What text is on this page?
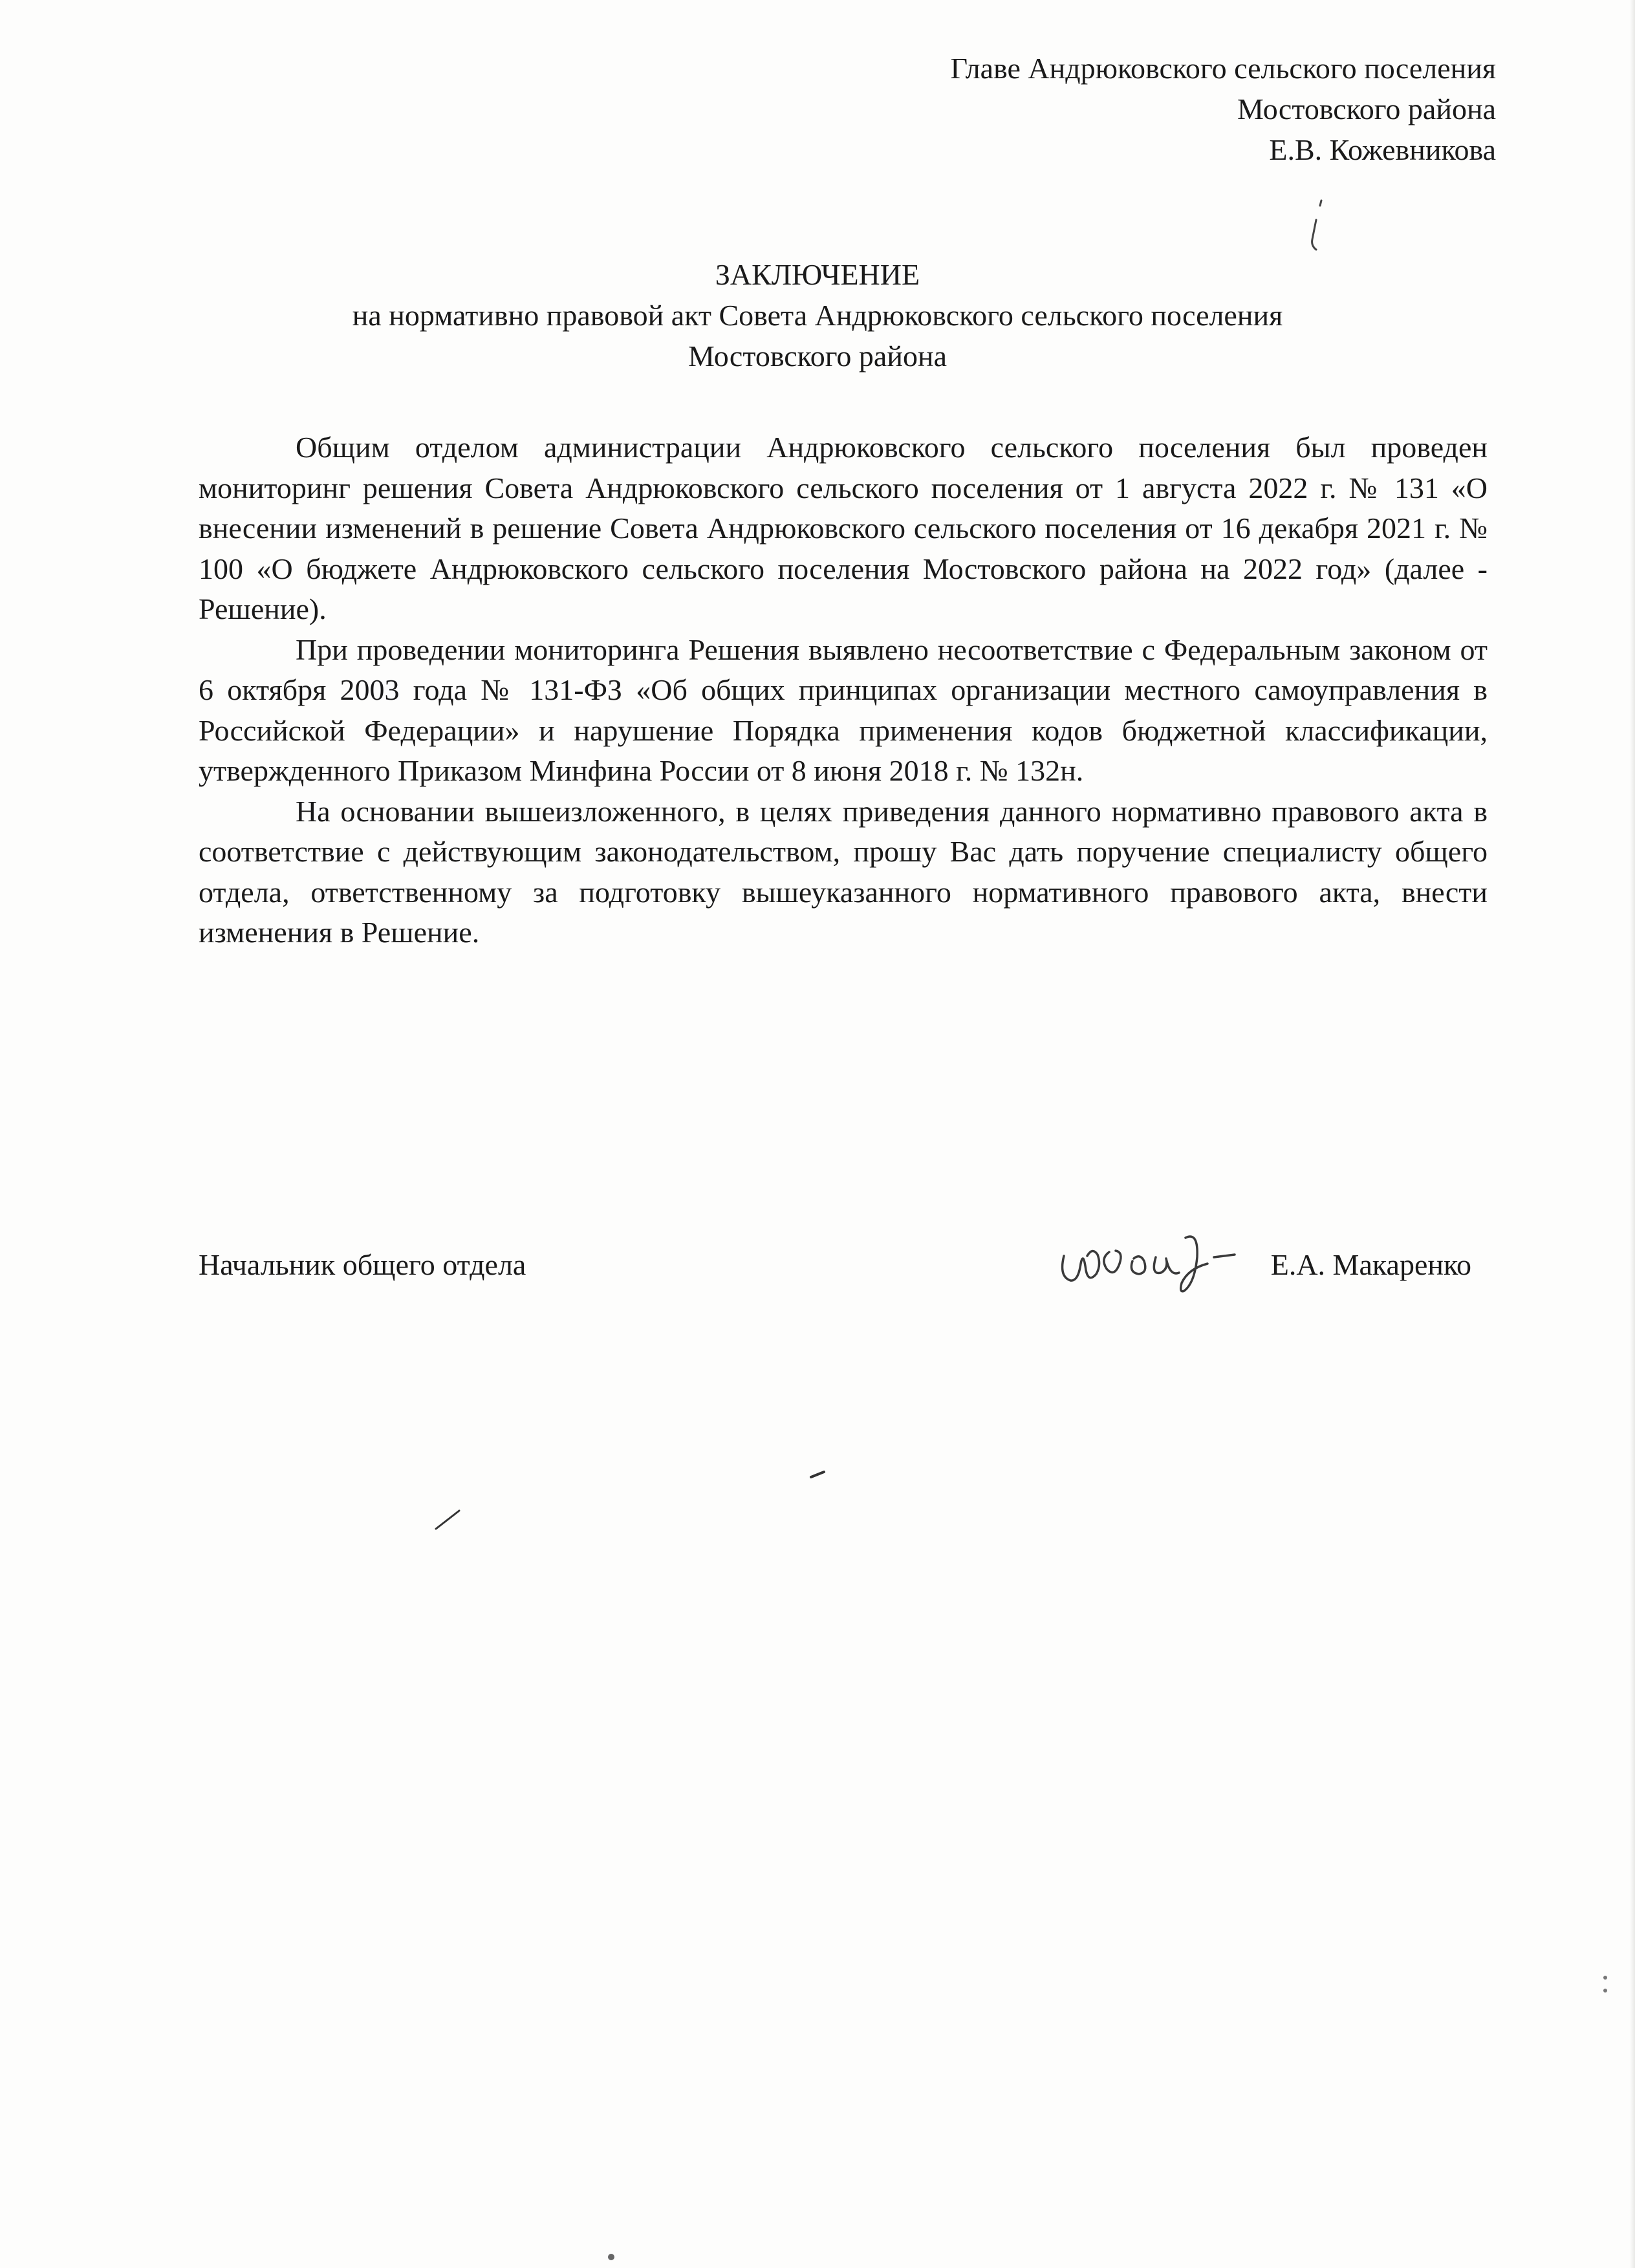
Главе Андрюковского сельского поселения
Мостовского района
Е.В. Кожевникова
ЗАКЛЮЧЕНИЕ
на нормативно правовой акт Совета Андрюковского сельского поселения
Мостовского района

Общим отделом администрации Андрюковского сельского поселения был проведен мониторинг решения Совета Андрюковского сельского поселения от 1 августа 2022 г. № 131 «О внесении изменений в решение Совета Андрюковского сельского поселения от 16 декабря 2021 г. № 100 «О бюджете Андрюковского сельского поселения Мостовского района на 2022 год» (далее - Решение).

При проведении мониторинга Решения выявлено несоответствие с Федеральным законом от 6 октября 2003 года № 131-ФЗ «Об общих принципах организации местного самоуправления в Российской Федерации» и нарушение Порядка применения кодов бюджетной классификации, утвержденного Приказом Минфина России от 8 июня 2018 г. № 132н.

На основании вышеизложенного, в целях приведения данного нормативно правового акта в соответствие с действующим законодательством, прошу Вас дать поручение специалисту общего отдела, ответственному за подготовку вышеуказанного нормативного правового акта, внести изменения в Решение.

Начальник общего отдела	Е.А. Макаренко
